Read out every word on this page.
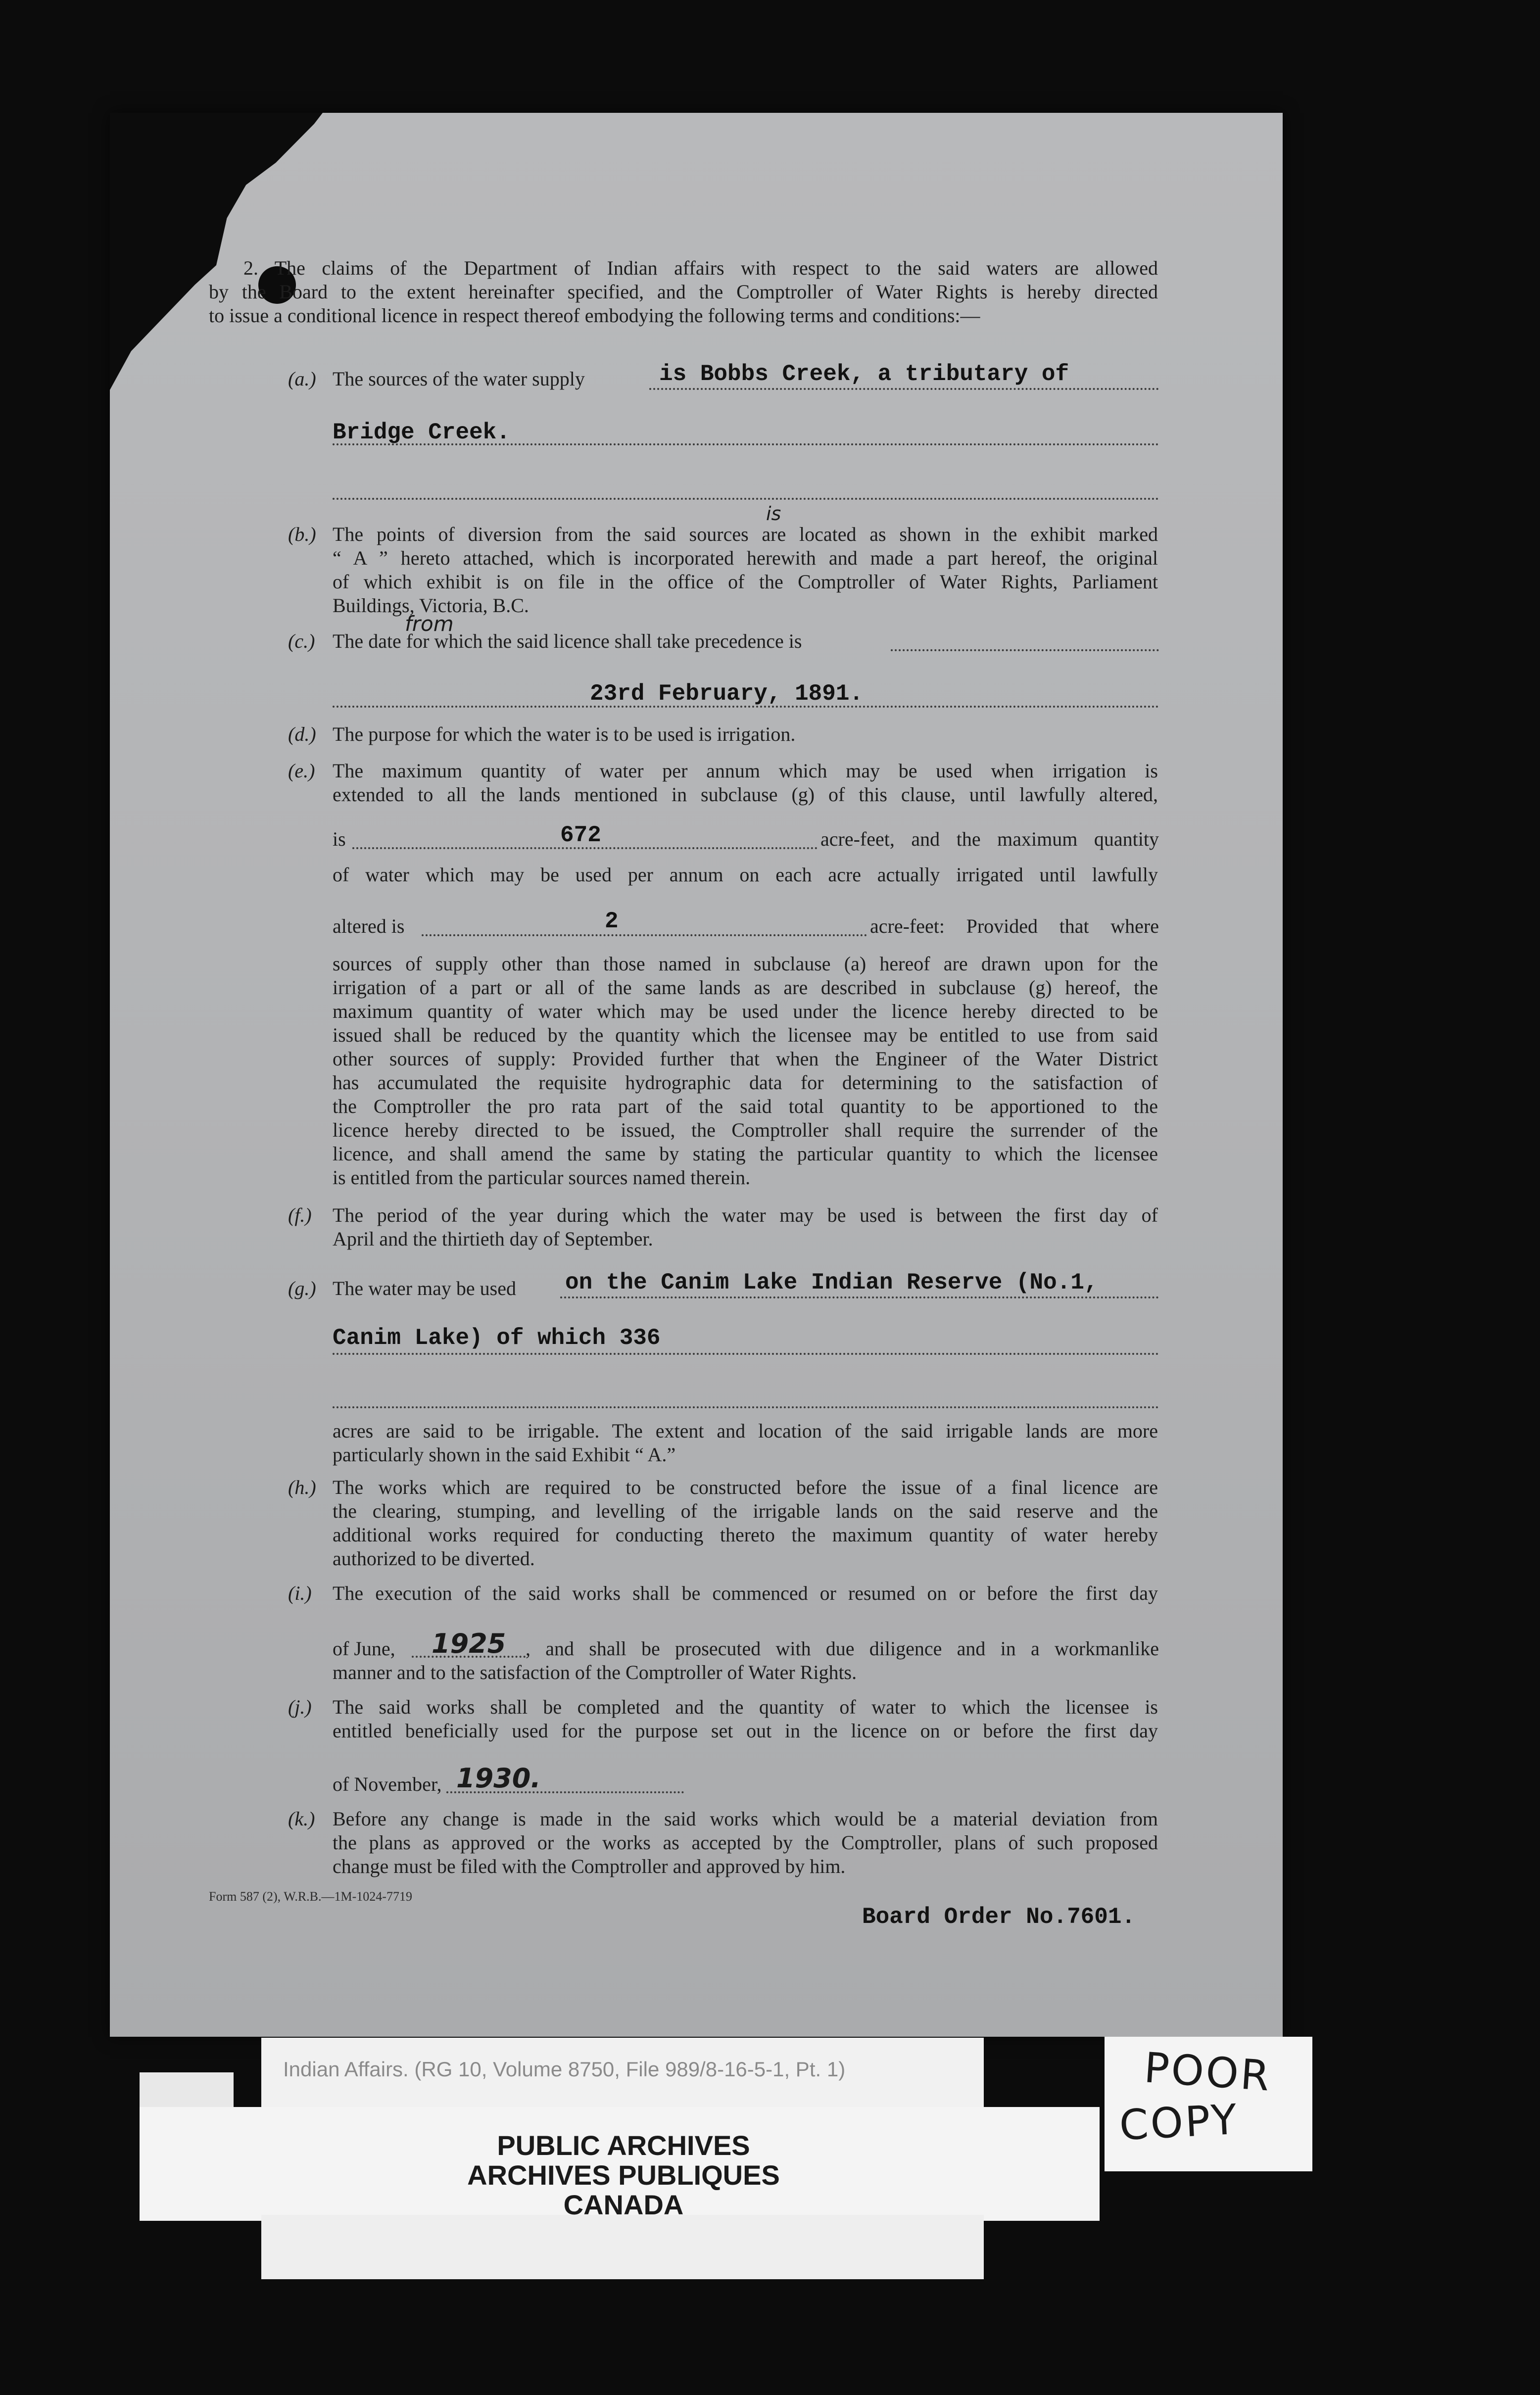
2. The claims of the Department of Indian affairs with respect to the said waters are allowed
by the Board to the extent hereinafter specified, and the Comptroller of Water Rights is hereby directed
to issue a conditional licence in respect thereof embodying the following terms and conditions:—
(a.) The sources of the water supply	is Bobbs Creek, a tributary of
Bridge Creek.
is
(b.) The points of diversion from the said sources are located as shown in the exhibit marked
“ A ” hereto attached, which is incorporated herewith and made a part hereof, the original
of which exhibit is on file in the office of the Comptroller of Water Rights, Parliament
Buildings, Victoria, B.C.
from
(c.) The date for which the said licence shall take precedence is
23rd February, 1891.
(d.) The purpose for which the water is to be used is irrigation.
(e.) The maximum quantity of water per annum which may be used when irrigation is
extended to all the lands mentioned in subclause (g) of this clause, until lawfully altered,
is	672	acre-feet, and the maximum quantity
of water which may be used per annum on each acre actually irrigated until lawfully
altered is	2	acre-feet: Provided that where
sources of supply other than those named in subclause (a) hereof are drawn upon for the
irrigation of a part or all of the same lands as are described in subclause (g) hereof, the
maximum quantity of water which may be used under the licence hereby directed to be
issued shall be reduced by the quantity which the licensee may be entitled to use from said
other sources of supply: Provided further that when the Engineer of the Water District
has accumulated the requisite hydrographic data for determining to the satisfaction of
the Comptroller the pro rata part of the said total quantity to be apportioned to the
licence hereby directed to be issued, the Comptroller shall require the surrender of the
licence, and shall amend the same by stating the particular quantity to which the licensee
is entitled from the particular sources named therein.
(f.) The period of the year during which the water may be used is between the first day of
April and the thirtieth day of September.
(g.) The water may be used	on the Canim Lake Indian Reserve (No.1,
Canim Lake) of which 336
acres are said to be irrigable. The extent and location of the said irrigable lands are more
particularly shown in the said Exhibit “ A.”
(h.) The works which are required to be constructed before the issue of a final licence are
the clearing, stumping, and levelling of the irrigable lands on the said reserve and the
additional works required for conducting thereto the maximum quantity of water hereby
authorized to be diverted.
(i.) The execution of the said works shall be commenced or resumed on or before the first day
of June,	1925 , and shall be prosecuted with due diligence and in a workmanlike
manner and to the satisfaction of the Comptroller of Water Rights.
(j.) The said works shall be completed and the quantity of water to which the licensee is
entitled beneficially used for the purpose set out in the licence on or before the first day
of November, 1930.
(k.) Before any change is made in the said works which would be a material deviation from
the plans as approved or the works as accepted by the Comptroller, plans of such proposed
change must be filed with the Comptroller and approved by him.
Form 587 (2), W.R.B.—1M-1024-7719
Board Order No.7601.
Indian Affairs. (RG 10, Volume 8750, File 989/8-16-5-1, Pt. 1)
PUBLIC ARCHIVES
ARCHIVES PUBLIQUES
CANADA
POOR
COPY
